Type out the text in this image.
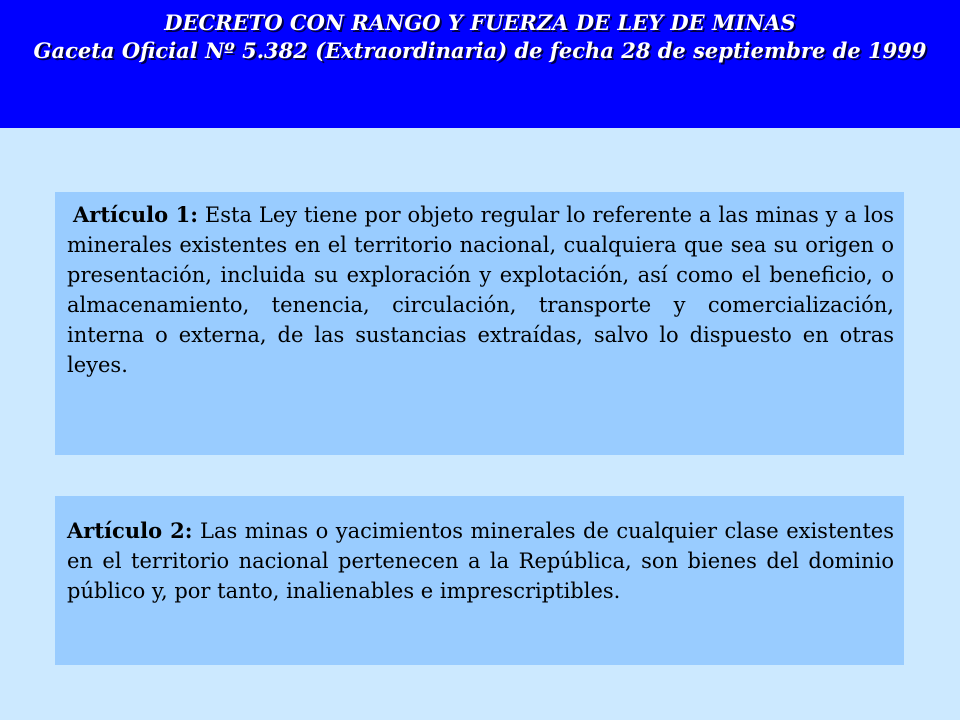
DECRETO CON RANGO Y FUERZA DE LEY DE MINAS
Gaceta Oficial Nº 5.382 (Extraordinaria) de fecha 28 de septiembre de 1999
Artículo 1: Esta Ley tiene por objeto regular lo referente a las minas y a los minerales existentes en el territorio nacional, cualquiera que sea su origen o presentación, incluida su exploración y explotación, así como el beneficio, o almacenamiento, tenencia, circulación, transporte y comercialización, interna o externa, de las sustancias extraídas, salvo lo dispuesto en otras leyes.
Artículo 2: Las minas o yacimientos minerales de cualquier clase existentes en el territorio nacional pertenecen a la República, son bienes del dominio público y, por tanto, inalienables e imprescriptibles.
